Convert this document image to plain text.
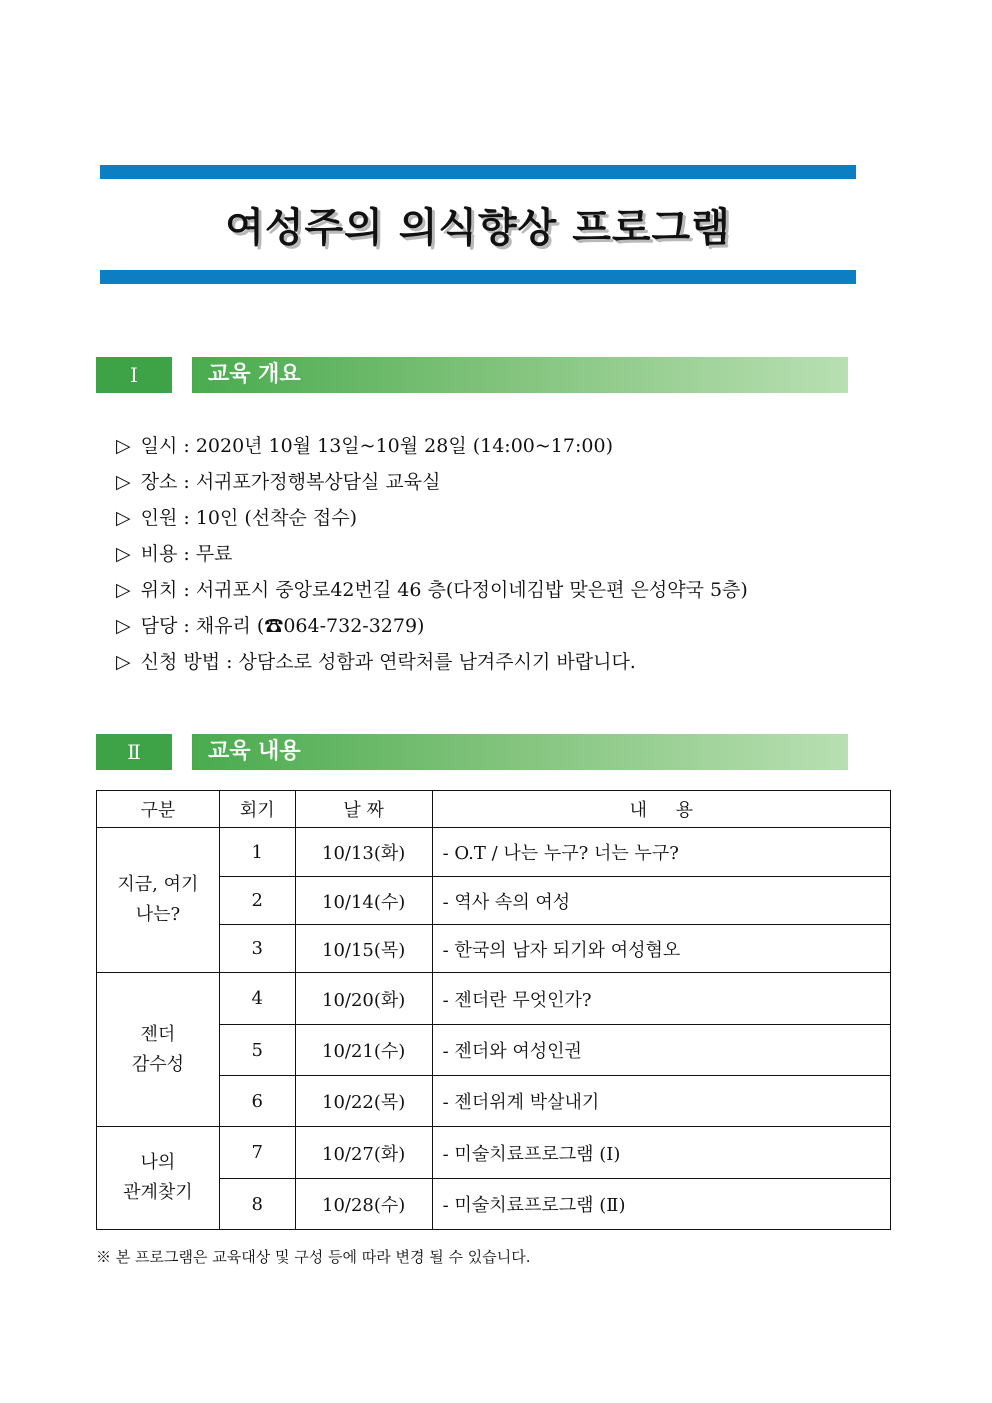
여성주의 의식향상 프로그램
Ⅰ	교육 개요
▷ 일시 : 2020년 10월 13일~10월 28일 (14:00~17:00)
▷ 장소 : 서귀포가정행복상담실 교육실
▷ 인원 : 10인 (선착순 접수)
▷ 비용 : 무료
▷ 위치 : 서귀포시 중앙로42번길 46 층(다정이네김밥 맞은편 은성약국 5층)
▷ 담당 : 채유리 (☎064-732-3279)
▷ 신청 방법 : 상담소로 성함과 연락처를 남겨주시기 바랍니다.
Ⅱ	교육 내용
구분	회기	날 짜	내     용
지금, 여기
나는?	1	10/13(화)	- O.T / 나는 누구? 너는 누구?
	2	10/14(수)	- 역사 속의 여성
	3	10/15(목)	- 한국의 남자 되기와 여성혐오
젠더
감수성	4	10/20(화)	- 젠더란 무엇인가?
	5	10/21(수)	- 젠더와 여성인권
	6	10/22(목)	- 젠더위계 박살내기
나의
관계찾기	7	10/27(화)	- 미술치료프로그램 (Ⅰ)
	8	10/28(수)	- 미술치료프로그램 (Ⅱ)
※ 본 프로그램은 교육대상 및 구성 등에 따라 변경 될 수 있습니다.
